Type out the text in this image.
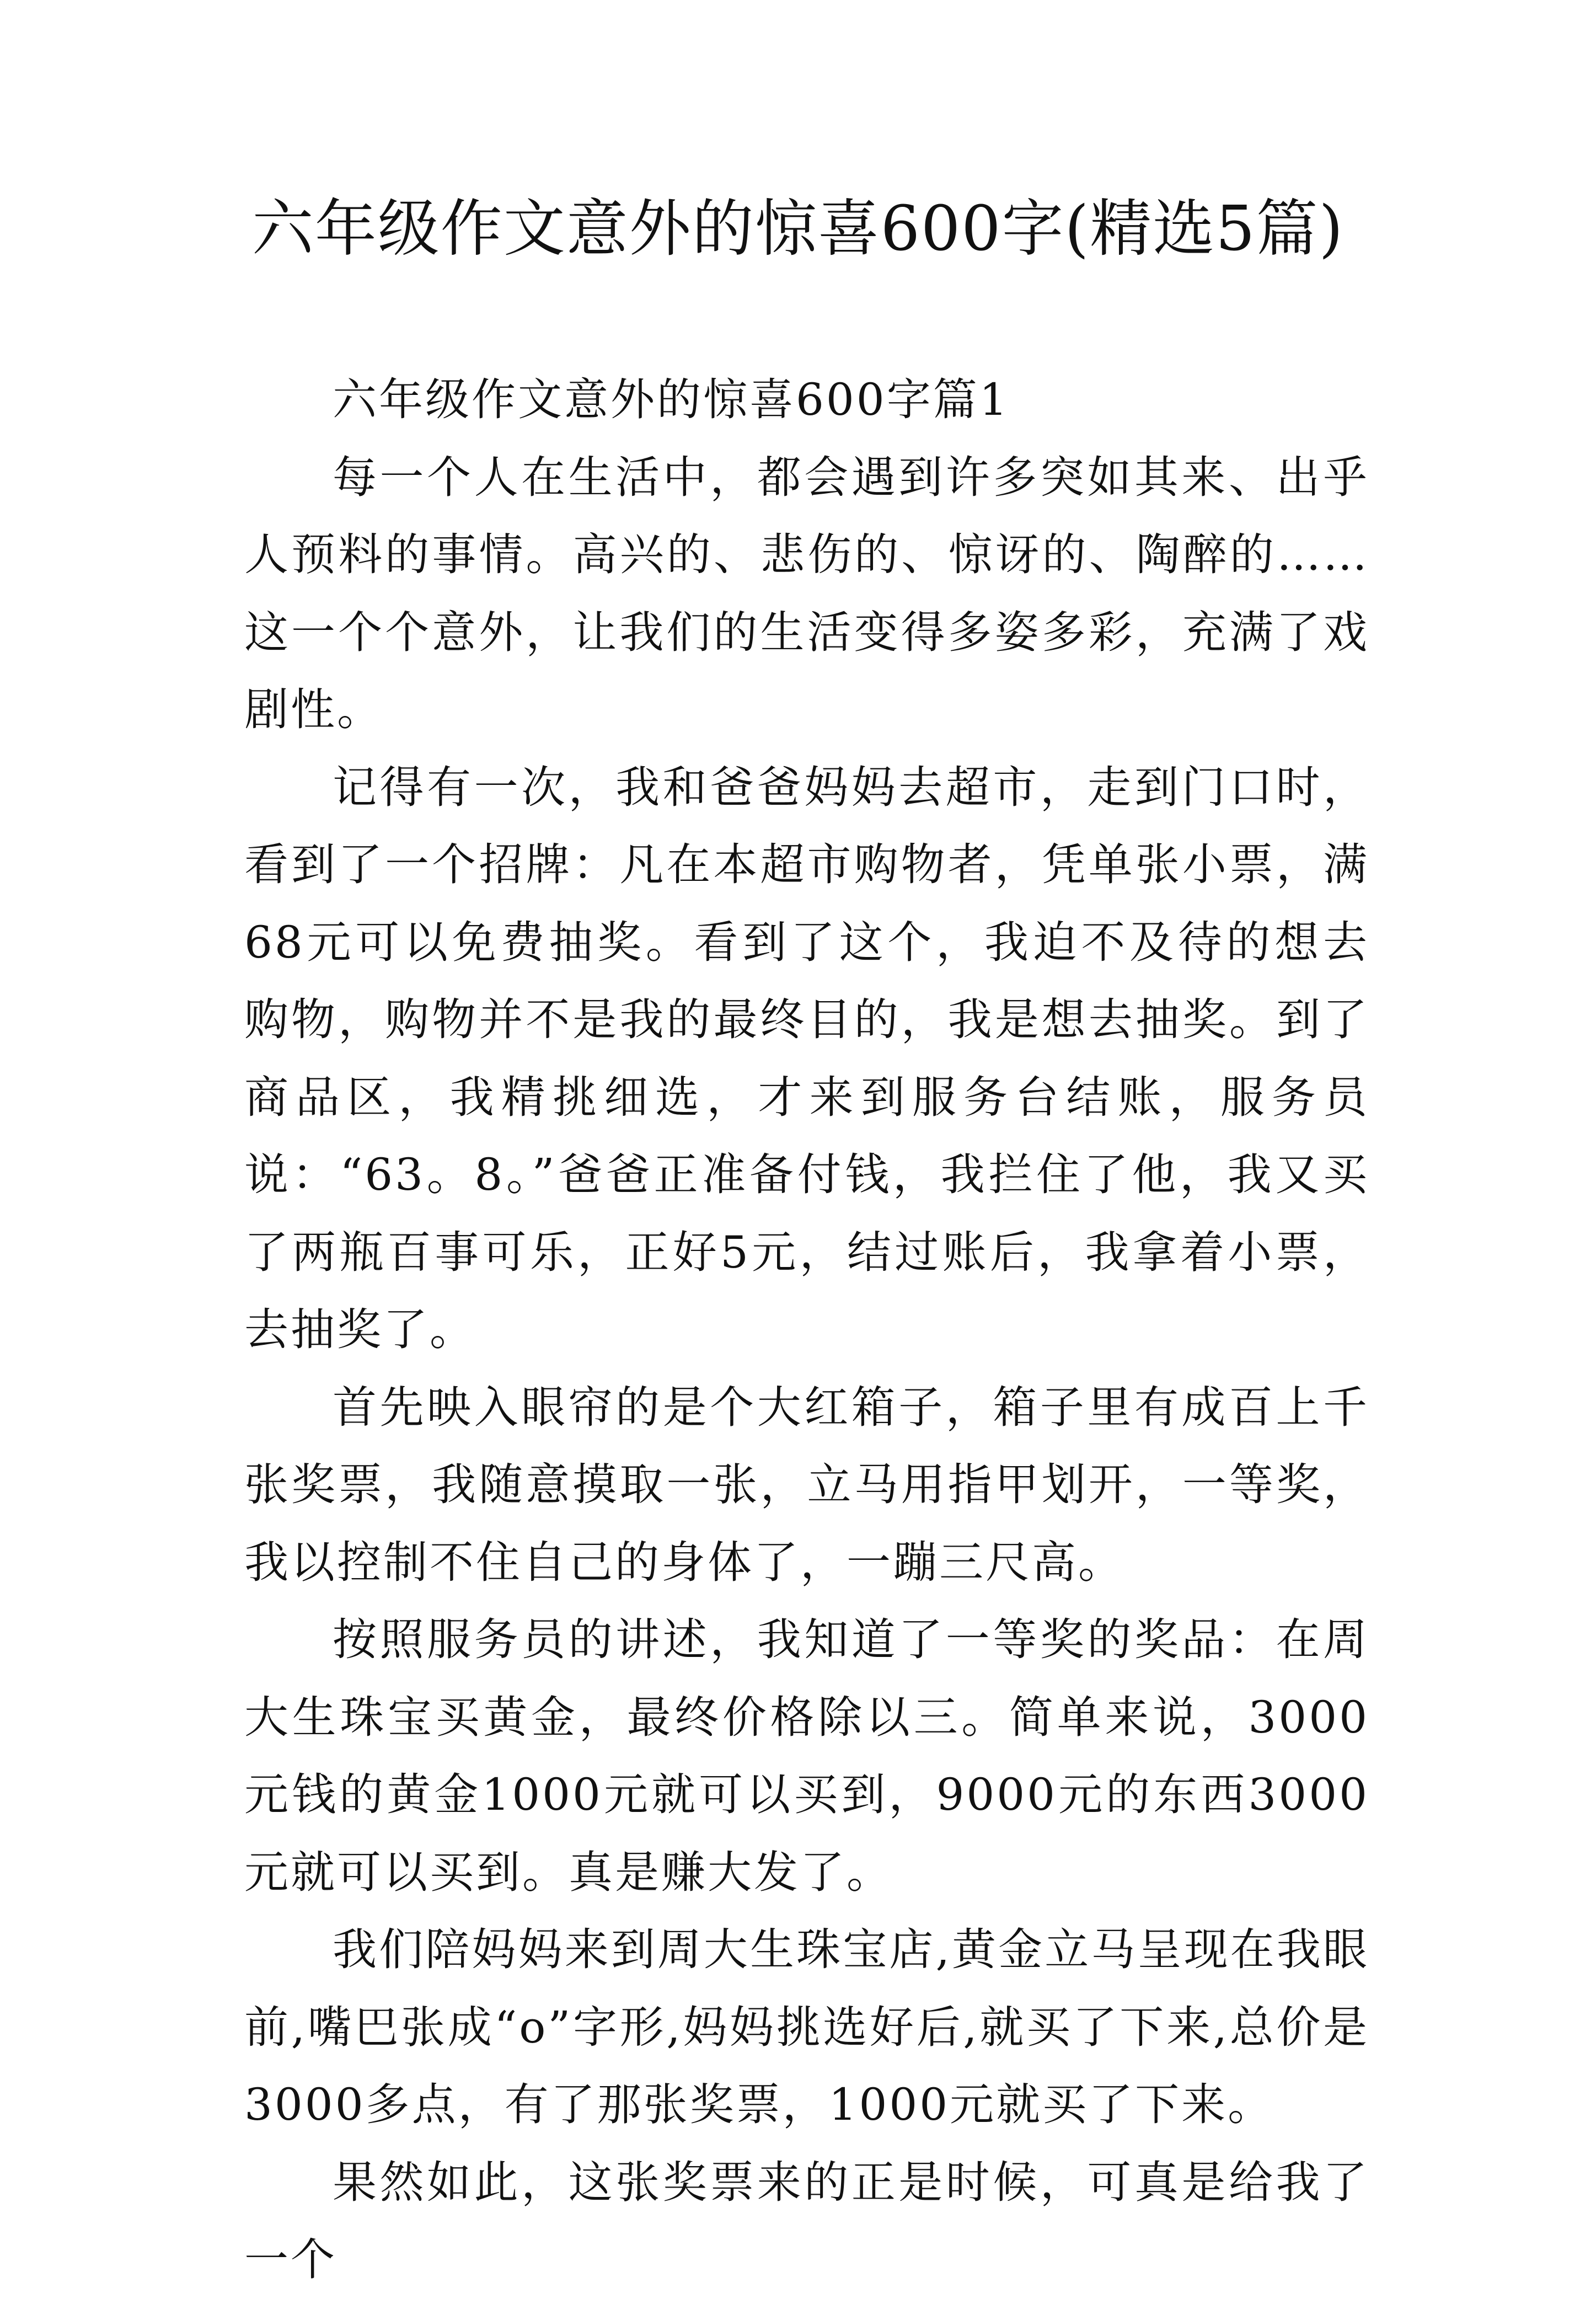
六年级作文意外的惊喜600字(精选5篇)

六年级作文意外的惊喜600字篇1

每一个人在生活中，都会遇到许多突如其来、出乎人预料的事情。高兴的、悲伤的、惊讶的、陶醉的……这一个个意外，让我们的生活变得多姿多彩，充满了戏剧性。

记得有一次，我和爸爸妈妈去超市，走到门口时，看到了一个招牌：凡在本超市购物者，凭单张小票，满68元可以免费抽奖。看到了这个，我迫不及待的想去购物，购物并不是我的最终目的，我是想去抽奖。到了商品区，我精挑细选，才来到服务台结账，服务员说：“63。8。”爸爸正准备付钱，我拦住了他，我又买了两瓶百事可乐，正好5元，结过账后，我拿着小票，去抽奖了。

首先映入眼帘的是个大红箱子，箱子里有成百上千张奖票，我随意摸取一张，立马用指甲划开，一等奖，我以控制不住自己的身体了，一蹦三尺高。

按照服务员的讲述，我知道了一等奖的奖品：在周大生珠宝买黄金，最终价格除以三。简单来说，3000元钱的黄金1000元就可以买到，9000元的东西3000元就可以买到。真是赚大发了。

我们陪妈妈来到周大生珠宝店,黄金立马呈现在我眼前,嘴巴张成“o”字形,妈妈挑选好后,就买了下来,总价是3000多点，有了那张奖票，1000元就买了下来。

果然如此，这张奖票来的正是时候，可真是给我了一个
